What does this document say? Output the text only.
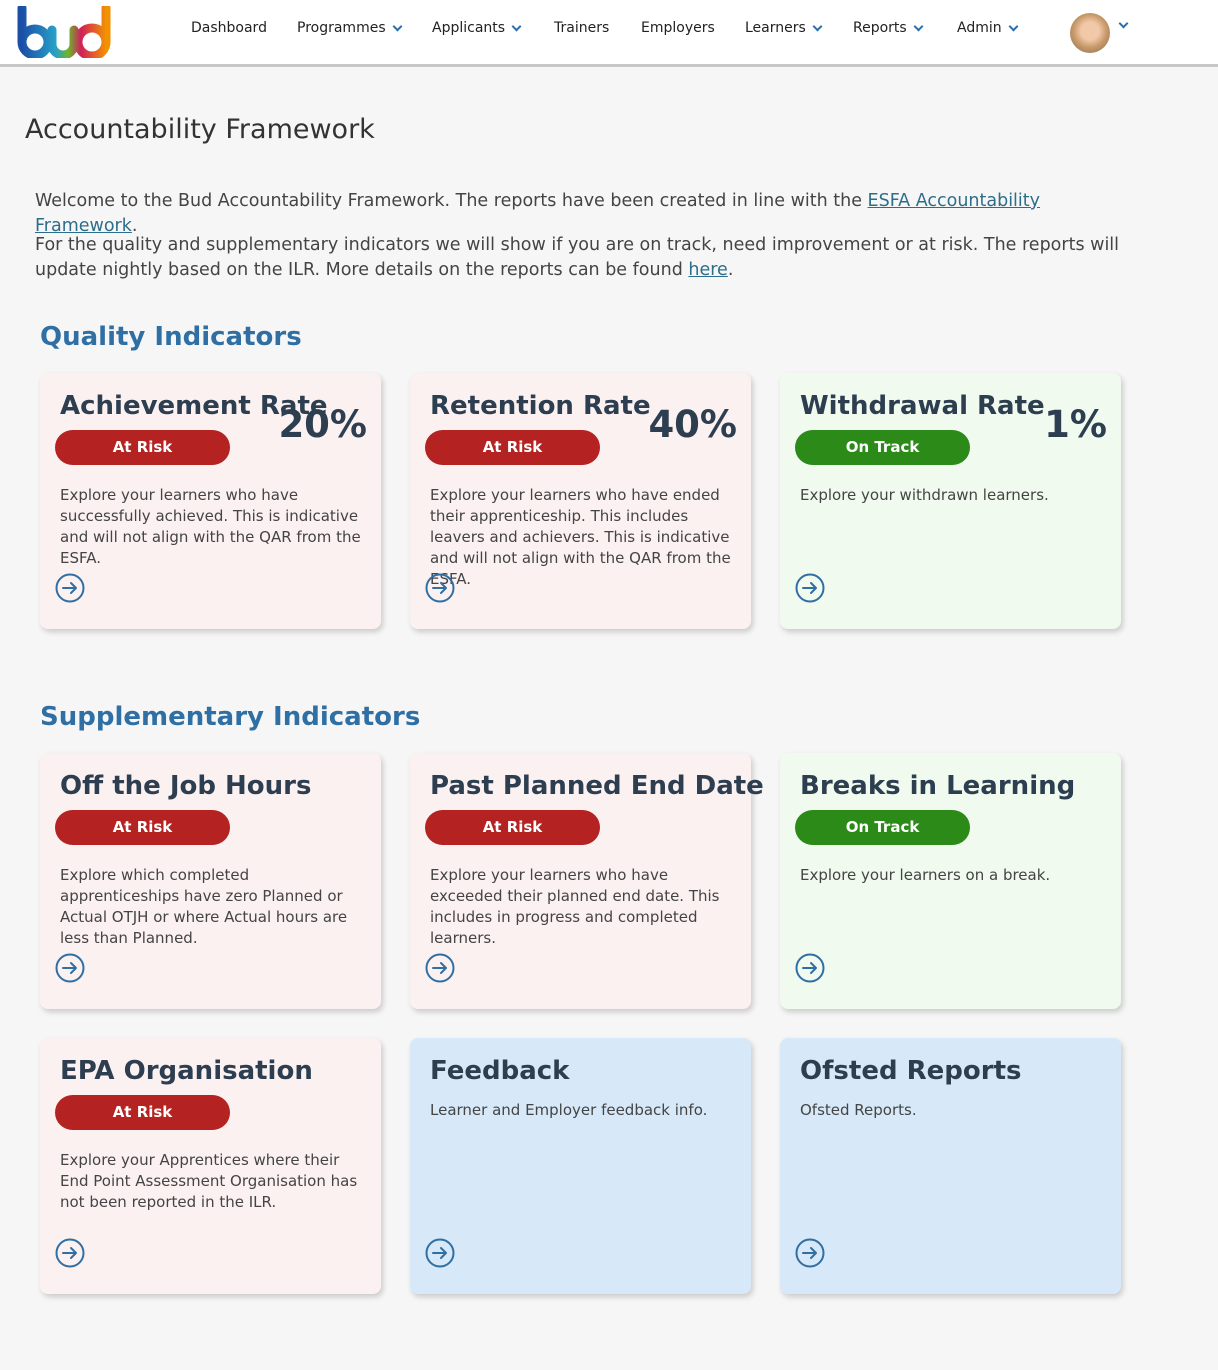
Dashboard Programmes	Applicants	Trainers Employers Learners	Reports	Admin
Accountability Framework

Welcome to the Bud Accountability Framework. The reports have been created in line with the ESFA Accountability Framework.

For the quality and supplementary indicators we will show if you are on track, need improvement or at risk. The reports will update nightly based on the ILR. More details on the reports can be found here.

Quality Indicators
Supplementary Indicators
Achievement Rate
20%
At Risk
Explore your learners who have successfully achieved. This is indicative and will not align with the QAR from the ESFA.
Retention Rate
40%
At Risk
Explore your learners who have ended their apprenticeship. This includes leavers and achievers. This is indicative and will not align with the QAR from the ESFA.
Withdrawal Rate 1%
On Track
Explore your withdrawn learners.
Off the Job Hours
At Risk
Explore which completed apprenticeships have zero Planned or Actual OTJH or where Actual hours are less than Planned.
Past Planned End Date
At Risk
Explore your learners who have exceeded their planned end date. This includes in progress and completed learners.
Breaks in Learning
On Track
Explore your learners on a break.
EPA Organisation
At Risk
Explore your Apprentices where their End Point Assessment Organisation has not been reported in the ILR.
Feedback
Learner and Employer feedback info.
Ofsted Reports
Ofsted Reports.
